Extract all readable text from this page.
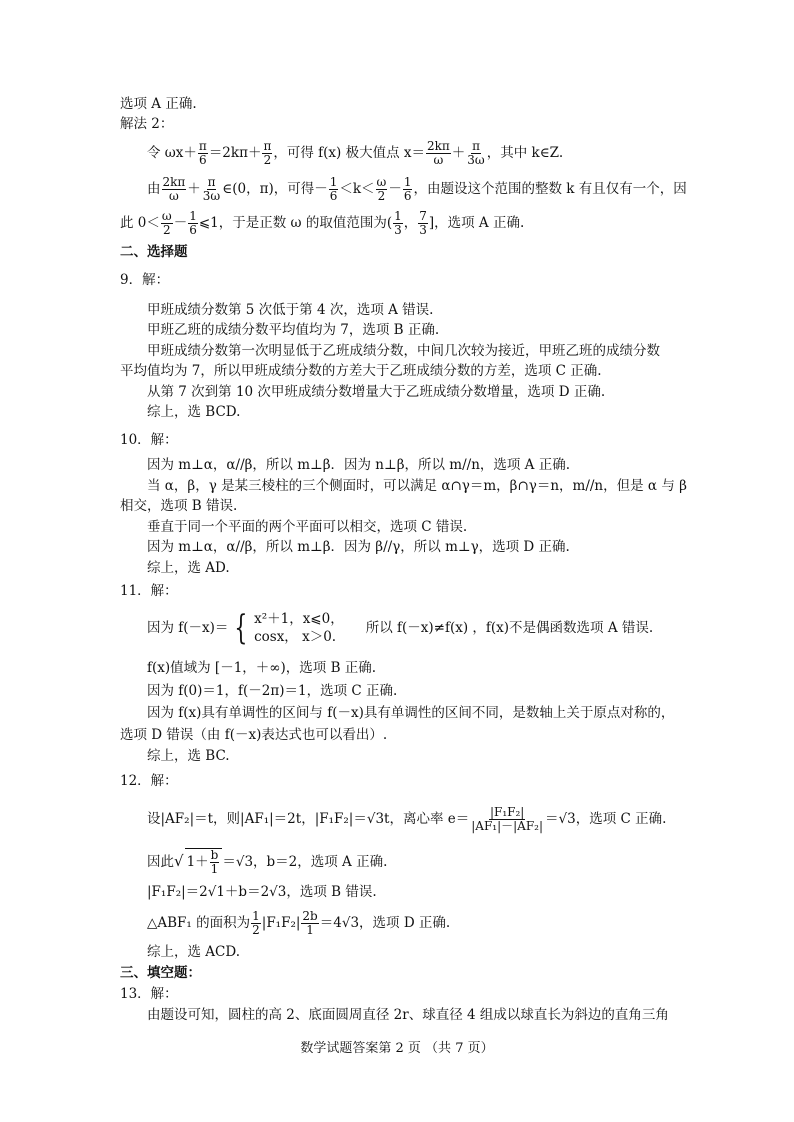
选项 A 正确.
解法 2：
令 $\omega x+ \frac{\pi}{6} =2k\pi+ \frac{\pi}{2}$ ，可得 f(x) 极大值点 $x= \frac{2k\pi}{\omega} + \frac{\pi}{3\omega}$ ，其中 k∈Z.
由 $\frac{2k\pi}{\omega} + \frac{\pi}{3\omega}$ ∈(0，π)，可得－ $\frac{1}{6} <k< \frac{\omega}{2} - \frac{1}{6}$ ，由题设这个范围的整数 k 有且仅有一个，因
此 $0< \frac{\omega}{2} - \frac{1}{6}$ ⩽1，于是正数 ω 的取值范围为( $\frac{1}{3}$ ， $\frac{7}{3}$ ]，选项 A 正确.
二、选择题
9．解：
甲班成绩分数第 5 次低于第 4 次，选项 A 错误.
甲班乙班的成绩分数平均值均为 7，选项 B 正确.
甲班成绩分数第一次明显低于乙班成绩分数，中间几次较为接近，甲班乙班的成绩分数
平均值均为 7，所以甲班成绩分数的方差大于乙班成绩分数的方差，选项 C 正确.
从第 7 次到第 10 次甲班成绩分数增量大于乙班成绩分数增量，选项 D 正确.
综上，选 BCD.
10．解：
因为 m⊥α，α//β，所以 m⊥β．因为 n⊥β，所以 m//n，选项 A 正确.
当 α，β，γ 是某三棱柱的三个侧面时，可以满足 α∩γ＝m，β∩γ＝n，m//n，但是 α 与 β
相交，选项 B 错误.
垂直于同一个平面的两个平面可以相交，选项 C 错误.
因为 m⊥α，α//β，所以 m⊥β．因为 β//γ，所以 m⊥γ，选项 D 正确.
综上，选 AD.
11．解：
因为 f(－x)＝ { x²＋1，x⩽0，
cosx， x＞0.
所以 f(－x)≠f(x) ，f(x)不是偶函数选项 A 错误.
f(x)值域为 [－1，＋∞)，选项 B 正确.
因为 f(0)＝1，f(－2π)＝1，选项 C 正确.
因为 f(x)具有单调性的区间与 f(－x)具有单调性的区间不同，是数轴上关于原点对称的，
选项 D 错误（由 f(－x)表达式也可以看出）.
综上，选 BC.
12．解：
设|AF₂|＝t，则|AF₁|＝2t，|F₁F₂|＝√3t，离心率 $e= \frac{\text{|F₁F₂|}}{\text{|AF₁|－|AF₂|}} =√3$，选项 C 正确.
因此√ $1+ \frac{b}{1} =√3$，b＝2，选项 A 正确.
|F₁F₂|＝2√1＋b＝2√3，选项 B 错误.
△ABF₁ 的面积为 $\frac{1}{2} |F_1F_2| \frac{2b}{1} =4√3$，选项 D 正确.
综上，选 ACD.
三、填空题：
13．解：
由题设可知，圆柱的高 2、底面圆周直径 2r、球直径 4 组成以球直长为斜边的直角三角
数学试题答案第 2 页 （共 7 页）
